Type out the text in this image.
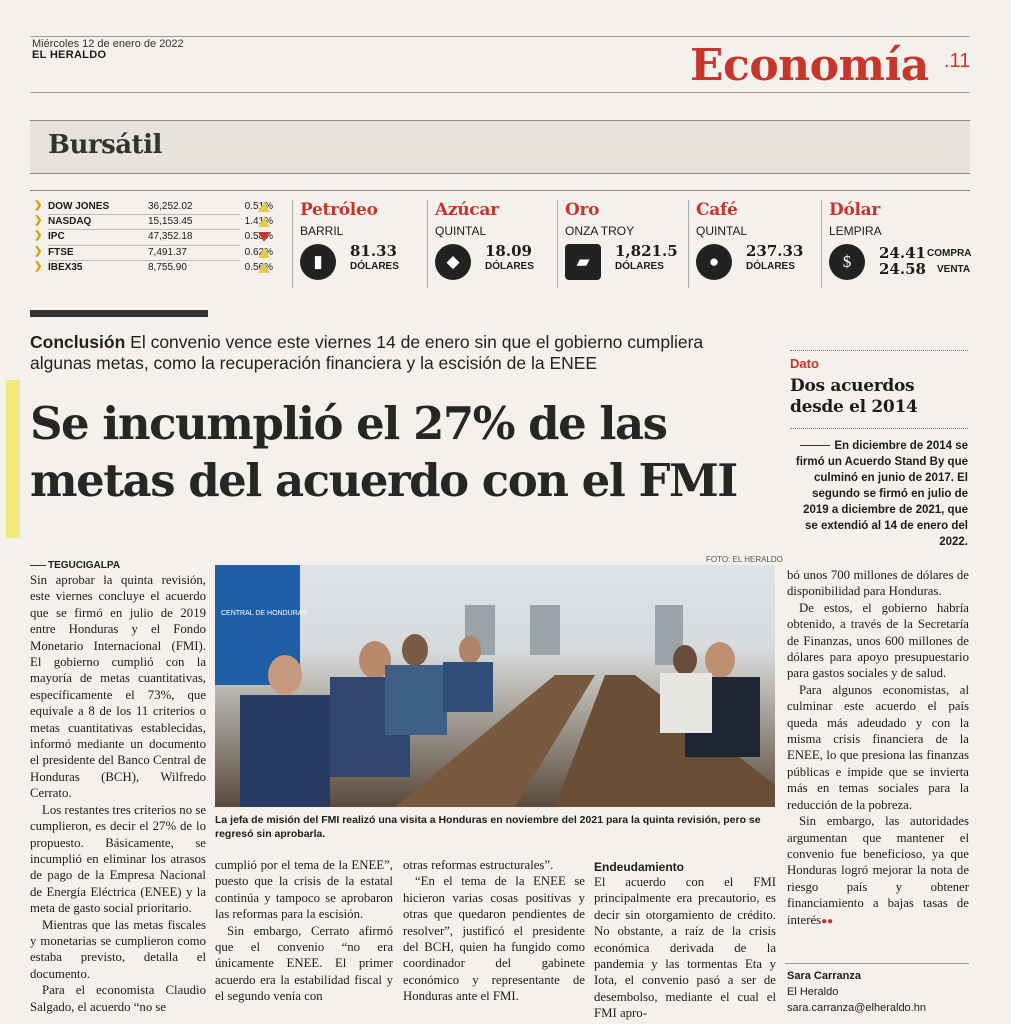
Miércoles 12 de enero de 2022
EL HERALDO	Economía .11
Bursátil
❯ DOW JONES	36,252.02	0.51%
❯ NASDAQ	15,153.45	1.41%
❯ IPC	47,352.18	0.58%
❯ FTSE	7,491.37	0.62%
❯ IBEX35	8,755.90	0.56%
Petróleo
BARRIL
▮
81.33
DÓLARES
Azúcar
QUINTAL
◆
18.09
DÓLARES
Oro
ONZA TROY
▰
1,821.5
DÓLARES
Café
QUINTAL
●
237.33
DÓLARES
Dólar
LEMPIRA
$	24.41 COMPRA
24.58 VENTA
Conclusión El convenio vence este viernes 14 de enero sin que el gobierno cumpliera algunas metas, como la recuperación financiera y la escisión de la ENEE
Se incumplió el 27% de las metas del acuerdo con el FMI
Dato
Dos acuerdos desde el 2014
En diciembre de 2014 se firmó un Acuerdo Stand By que culminó en junio de 2017. El segundo se firmó en julio de 2019 a diciembre de 2021, que se extendió al 14 de enero del 2022.
FOTO: EL HERALDO
CENTRAL DE HONDURAS
La jefa de misión del FMI realizó una visita a Honduras en noviembre del 2021 para la quinta revisión, pero se regresó sin aprobarla.
TEGUCIGALPA

Sin aprobar la quinta revisión, este viernes concluye el acuerdo que se firmó en julio de 2019 entre Honduras y el Fondo Monetario Internacional (FMI). El gobierno cumplió con la mayoría de metas cuantitativas, específicamente el 73%, que equivale a 8 de los 11 criterios o metas cuantitativas establecidas, informó mediante un documento el presidente del Banco Central de Honduras (BCH), Wilfredo Cerrato.

Los restantes tres criterios no se cumplieron, es decir el 27% de lo propuesto. Básicamente, se incumplió en eliminar los atrasos de pago de la Empresa Nacional de Energía Eléctrica (ENEE) y la meta de gasto social prioritario.

Mientras que las metas fiscales y monetarias se cumplieron como estaba previsto, detalla el documento.

Para el economista Claudio Salgado, el acuerdo “no se

cumplió por el tema de la ENEE”, puesto que la crisis de la estatal continúa y tampoco se aprobaron las reformas para la escisión.

Sin embargo, Cerrato afirmó que el convenio “no era únicamente ENEE. El primer acuerdo era la estabilidad fiscal y el segundo venía con

otras reformas estructurales”.

“En el tema de la ENEE se hicieron varias cosas positivas y otras que quedaron pendientes de resolver”, justificó el presidente del BCH, quien ha fungido como coordinador del gabinete económico y representante de Honduras ante el FMI.

Endeudamiento

El acuerdo con el FMI principalmente era precautorio, es decir sin otorgamiento de crédito. No obstante, a raíz de la crisis económica derivada de la pandemia y las tormentas Eta y Iota, el convenio pasó a ser de desembolso, mediante el cual el FMI apro-

bó unos 700 millones de dólares de disponibilidad para Honduras.

De estos, el gobierno habría obtenido, a través de la Secretaría de Finanzas, unos 600 millones de dólares para apoyo presupuestario para gastos sociales y de salud.

Para algunos economistas, al culminar este acuerdo el país queda más adeudado y con la misma crisis financiera de la ENEE, lo que presiona las finanzas públicas e impide que se invierta más en temas sociales para la reducción de la pobreza.

Sin embargo, las autoridades argumentan que mantener el convenio fue beneficioso, ya que Honduras logró mejorar la nota de riesgo país y obtener financiamiento a bajas tasas de interés●●

Sara Carranza
El Heraldo
sara.carranza@elheraldo.hn
